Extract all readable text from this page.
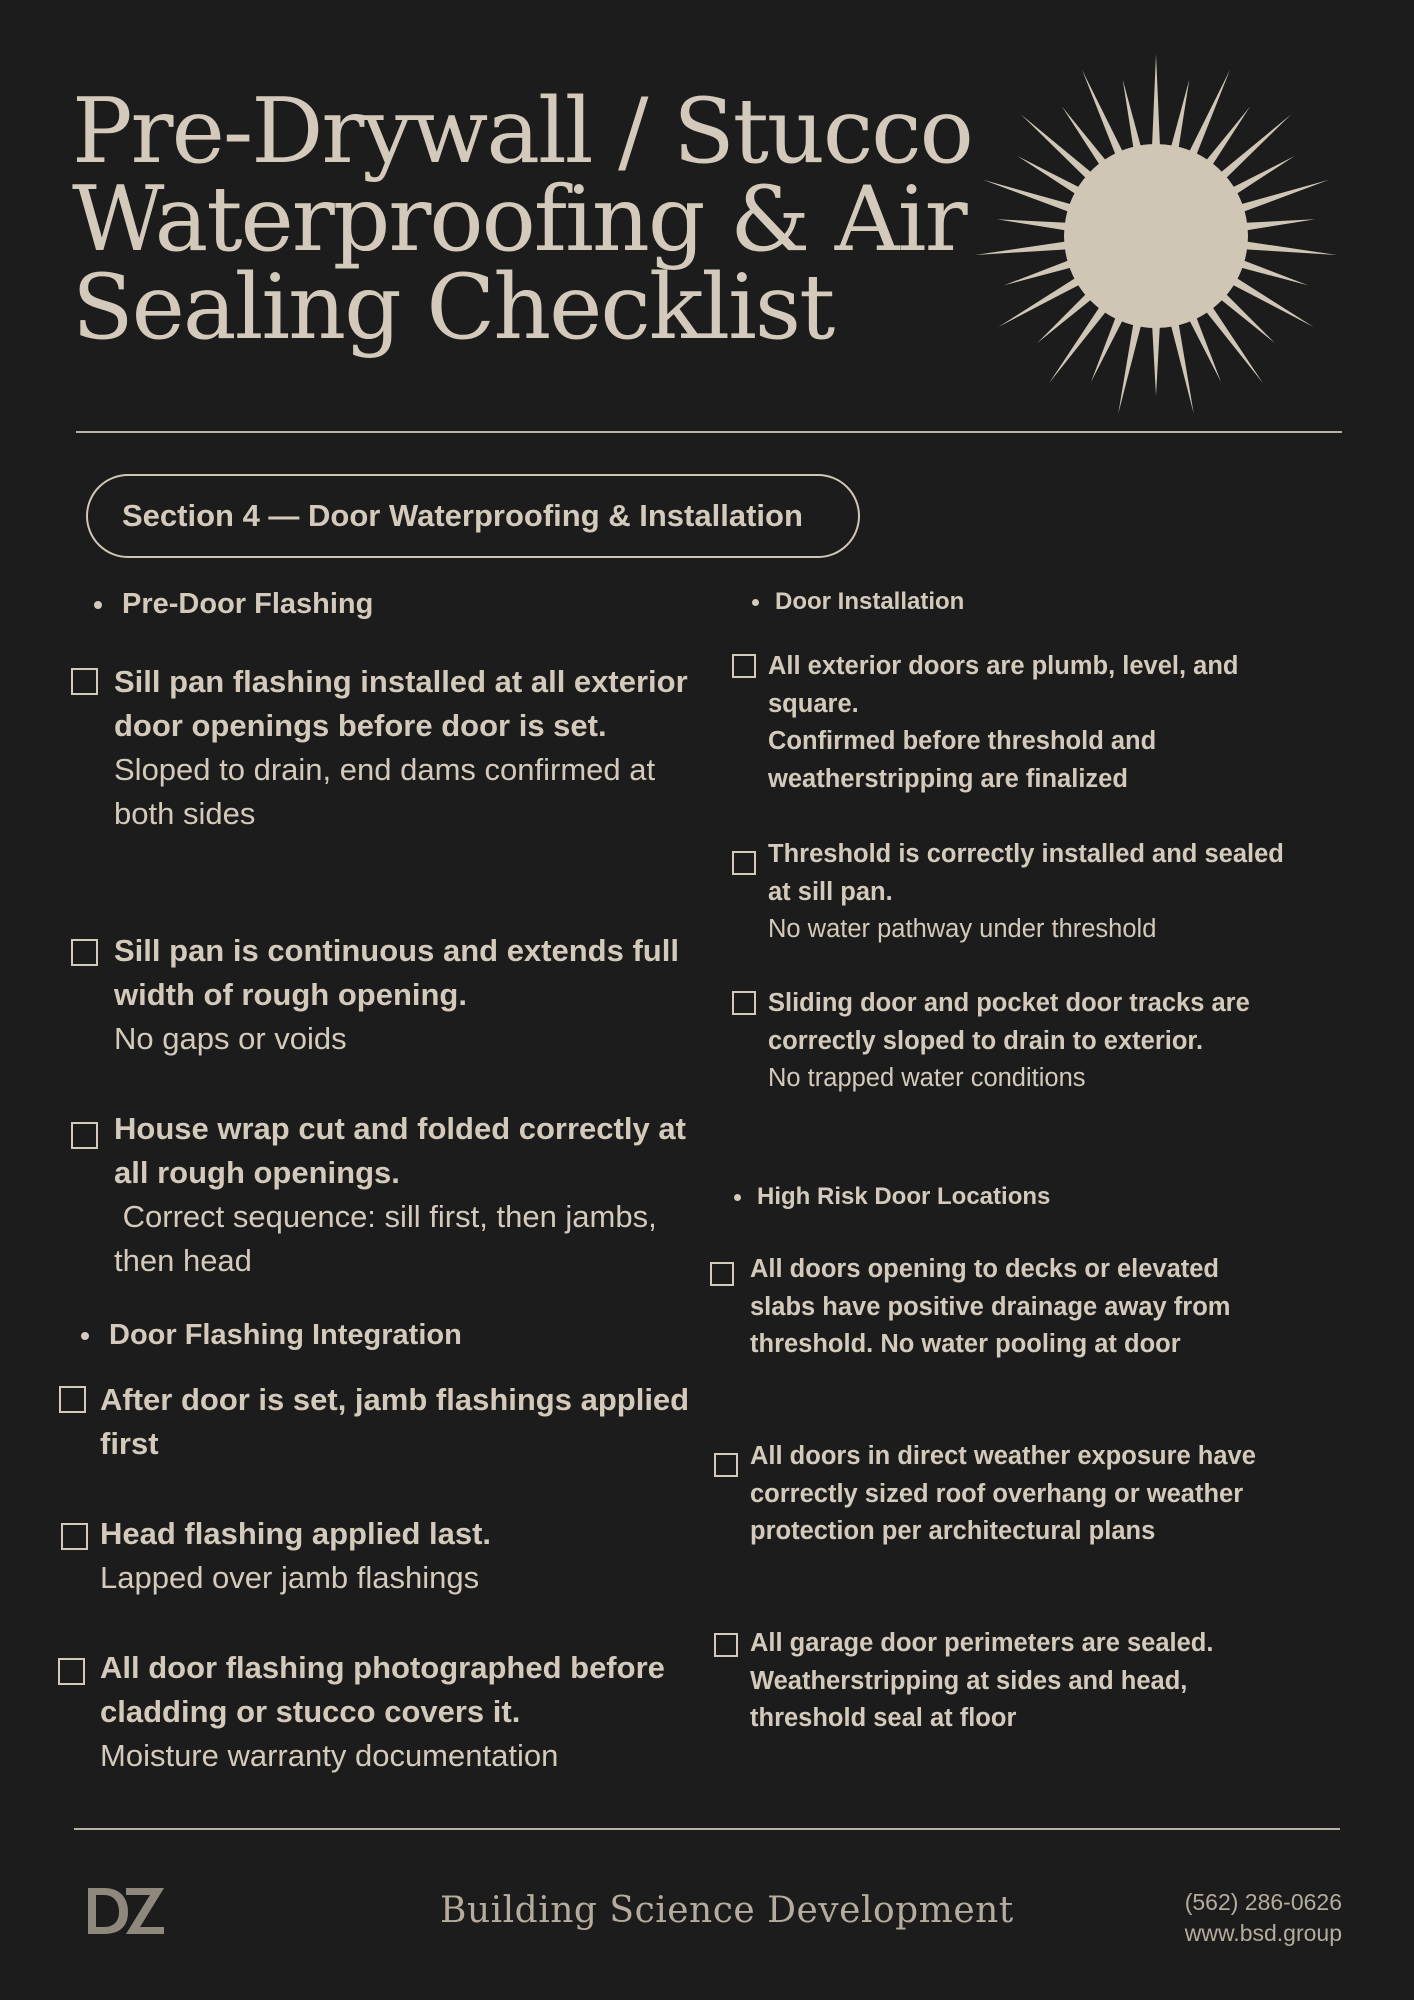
Pre-Drywall / Stucco
Waterproofing & Air
Sealing Checklist
Section 4 — Door Waterproofing & Installation
Pre-Door Flashing
Sill pan flashing installed at all exterior door openings before door is set.
Sloped to drain, end dams confirmed at both sides
Sill pan is continuous and extends full width of rough opening.
No gaps or voids
House wrap cut and folded correctly at all rough openings.
Correct sequence: sill first, then jambs, then head
Door Flashing Integration
After door is set, jamb flashings applied first
Head flashing applied last.
Lapped over jamb flashings
All door flashing photographed before cladding or stucco covers it.
Moisture warranty documentation
Door Installation
All exterior doors are plumb, level, and square.
Confirmed before threshold and weatherstripping are finalized
Threshold is correctly installed and sealed at sill pan.
No water pathway under threshold
Sliding door and pocket door tracks are correctly sloped to drain to exterior.
No trapped water conditions
High Risk Door Locations
All doors opening to decks or elevated slabs have positive drainage away from threshold. No water pooling at door
All doors in direct weather exposure have correctly sized roof overhang or weather protection per architectural plans
All garage door perimeters are sealed. Weatherstripping at sides and head, threshold seal at floor
Building Science Development	(562) 286-0626
www.bsd.group
